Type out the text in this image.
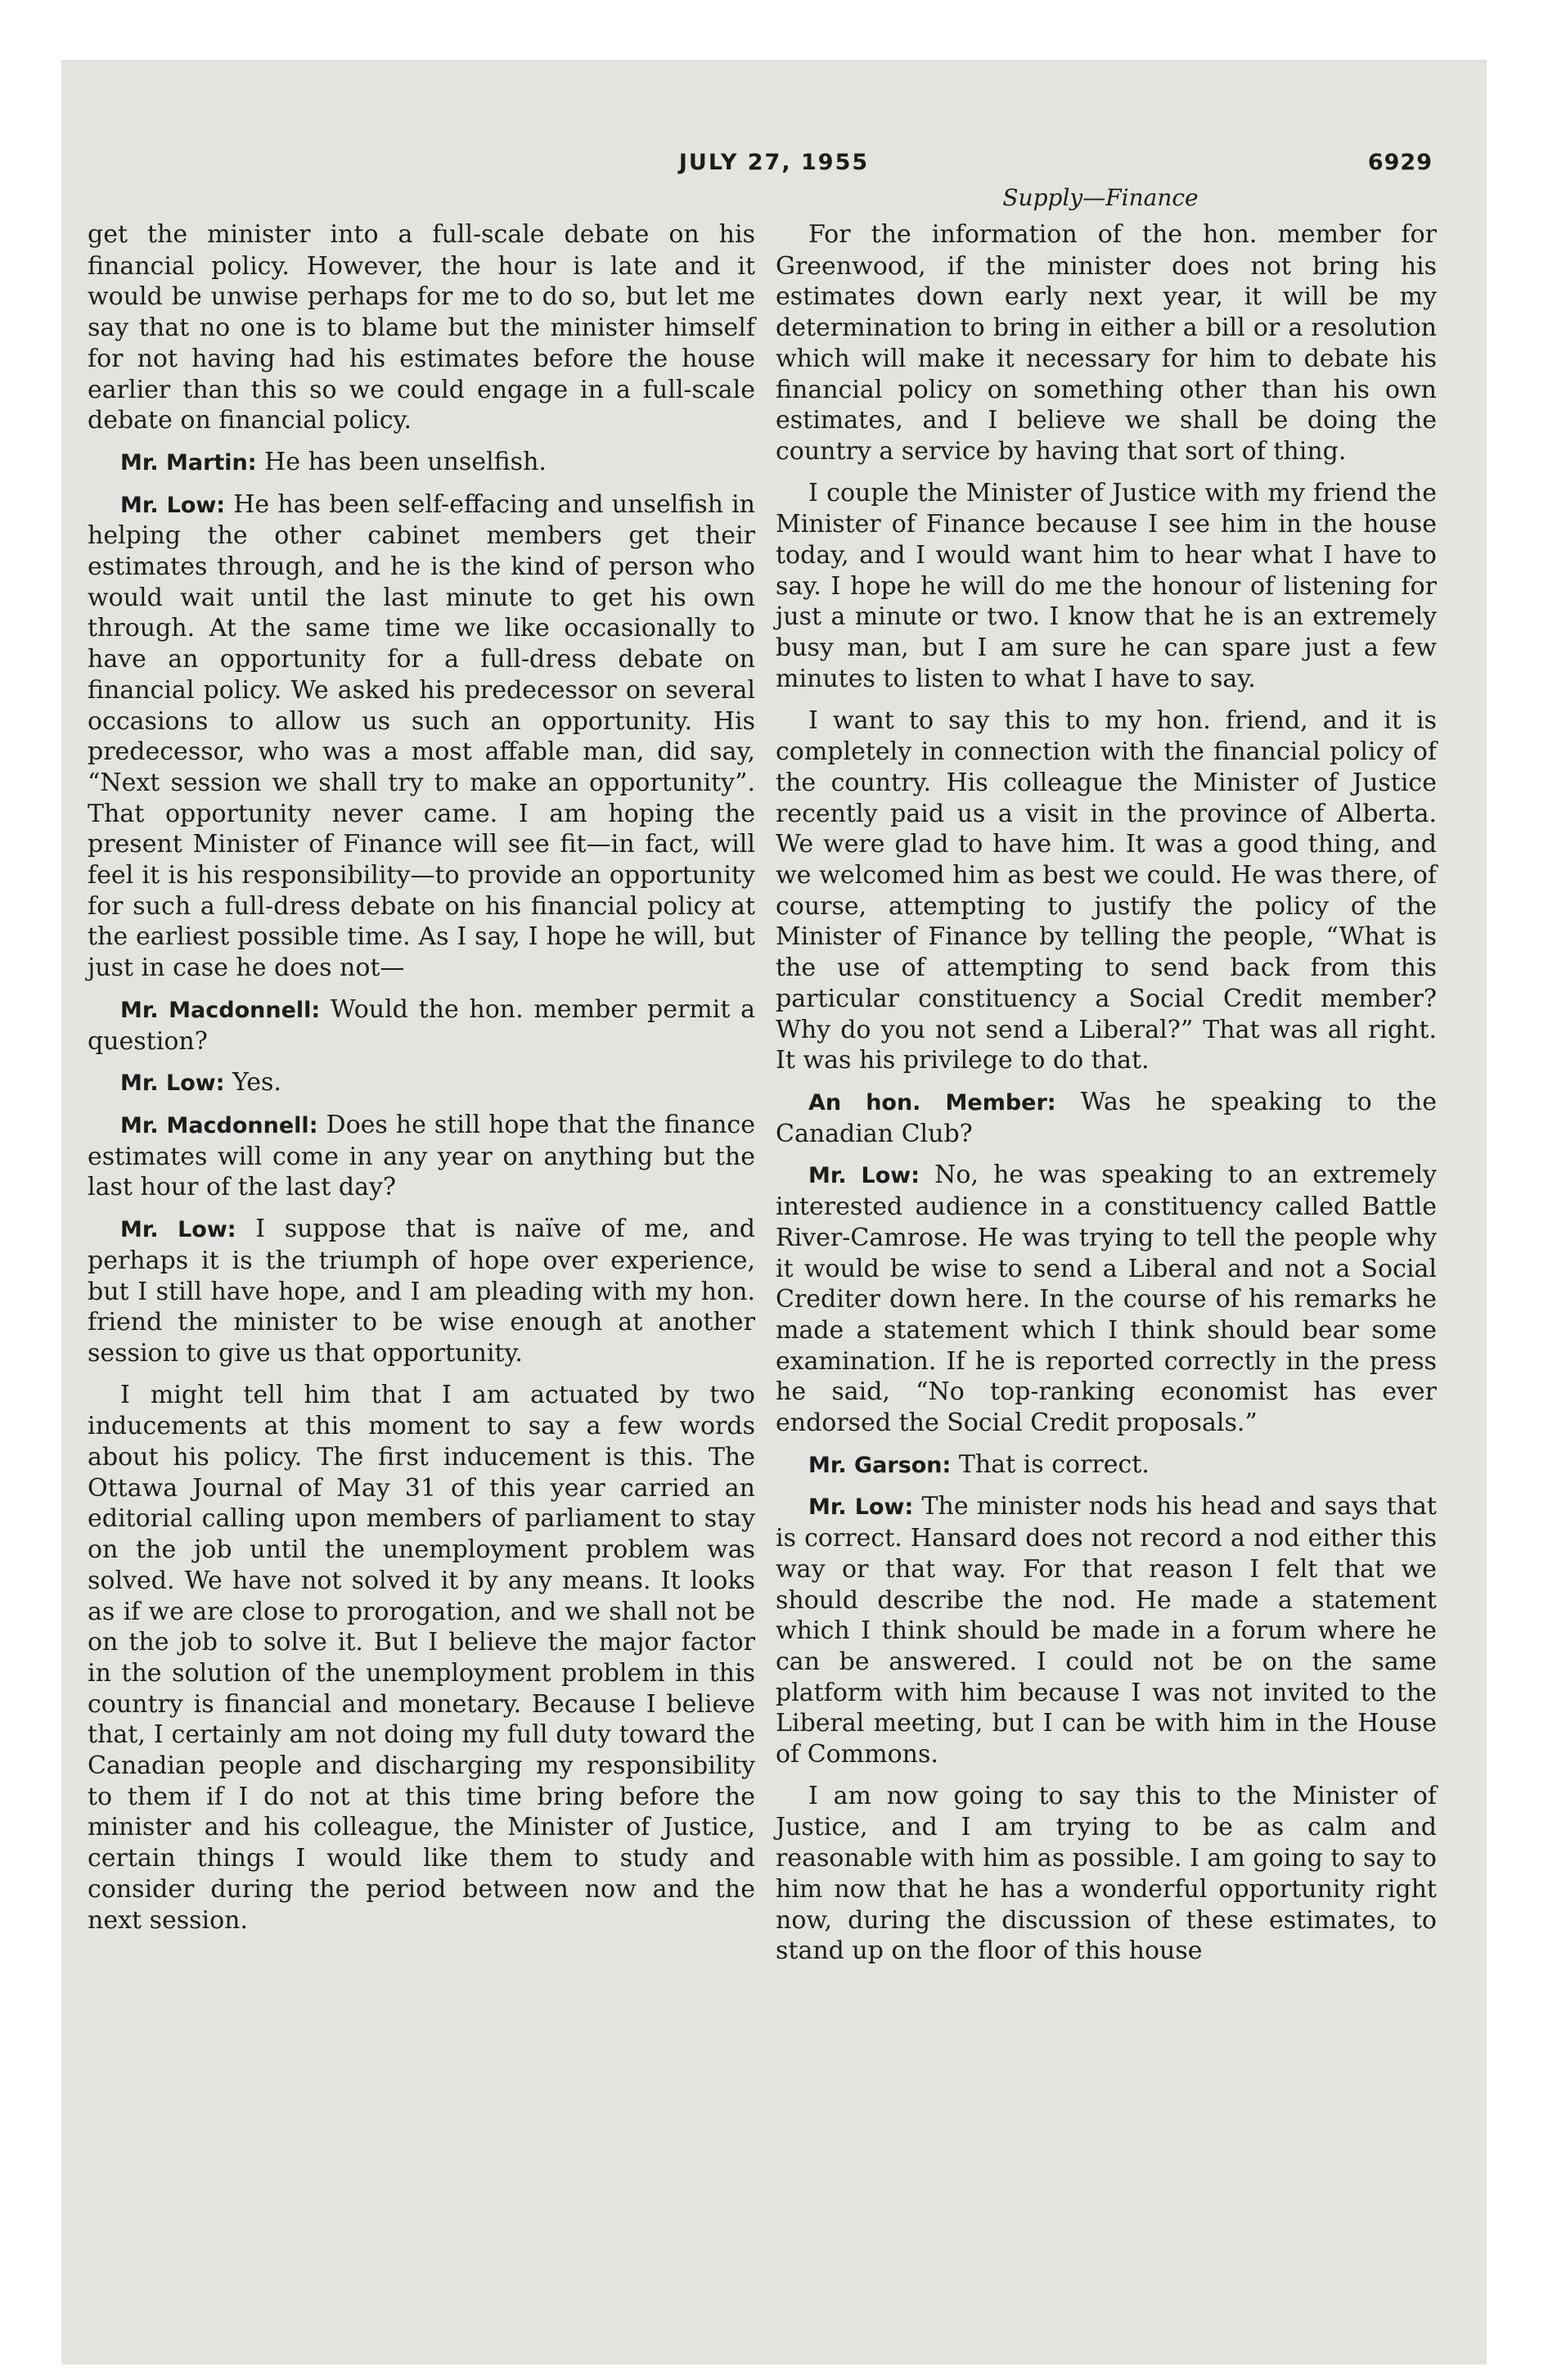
JULY 27, 1955	6929
Supply—Finance

get the minister into a full-scale debate on his financial policy. However, the hour is late and it would be unwise perhaps for me to do so, but let me say that no one is to blame but the minister himself for not having had his estimates before the house earlier than this so we could engage in a full-scale debate on financial policy.

Mr. Martin: He has been unselfish.

Mr. Low: He has been self-effacing and unselfish in helping the other cabinet members get their estimates through, and he is the kind of person who would wait until the last minute to get his own through. At the same time we like occasionally to have an opportunity for a full-dress debate on financial policy. We asked his predecessor on several occasions to allow us such an opportunity. His predecessor, who was a most affable man, did say, “Next session we shall try to make an opportunity”. That opportunity never came. I am hoping the present Minister of Finance will see fit—in fact, will feel it is his responsibility—to provide an opportunity for such a full-dress debate on his financial policy at the earliest possible time. As I say, I hope he will, but just in case he does not—

Mr. Macdonnell: Would the hon. member permit a question?

Mr. Low: Yes.

Mr. Macdonnell: Does he still hope that the finance estimates will come in any year on anything but the last hour of the last day?

Mr. Low: I suppose that is naïve of me, and perhaps it is the triumph of hope over experience, but I still have hope, and I am pleading with my hon. friend the minister to be wise enough at another session to give us that opportunity.

I might tell him that I am actuated by two inducements at this moment to say a few words about his policy. The first inducement is this. The Ottawa Journal of May 31 of this year carried an editorial calling upon members of parliament to stay on the job until the unemployment problem was solved. We have not solved it by any means. It looks as if we are close to prorogation, and we shall not be on the job to solve it. But I believe the major factor in the solution of the unemployment problem in this country is financial and monetary. Because I believe that, I certainly am not doing my full duty toward the Canadian people and discharging my responsibility to them if I do not at this time bring before the minister and his colleague, the Minister of Justice, certain things I would like them to study and consider during the period between now and the next session.

For the information of the hon. member for Greenwood, if the minister does not bring his estimates down early next year, it will be my determination to bring in either a bill or a resolution which will make it necessary for him to debate his financial policy on something other than his own estimates, and I believe we shall be doing the country a service by having that sort of thing.

I couple the Minister of Justice with my friend the Minister of Finance because I see him in the house today, and I would want him to hear what I have to say. I hope he will do me the honour of listening for just a minute or two. I know that he is an extremely busy man, but I am sure he can spare just a few minutes to listen to what I have to say.

I want to say this to my hon. friend, and it is completely in connection with the financial policy of the country. His colleague the Minister of Justice recently paid us a visit in the province of Alberta. We were glad to have him. It was a good thing, and we welcomed him as best we could. He was there, of course, attempting to justify the policy of the Minister of Finance by telling the people, “What is the use of attempting to send back from this particular constituency a Social Credit member? Why do you not send a Liberal?” That was all right. It was his privilege to do that.

An hon. Member: Was he speaking to the Canadian Club?

Mr. Low: No, he was speaking to an extremely interested audience in a constituency called Battle River-Camrose. He was trying to tell the people why it would be wise to send a Liberal and not a Social Crediter down here. In the course of his remarks he made a statement which I think should bear some examination. If he is reported correctly in the press he said, “No top-ranking economist has ever endorsed the Social Credit proposals.”

Mr. Garson: That is correct.

Mr. Low: The minister nods his head and says that is correct. Hansard does not record a nod either this way or that way. For that reason I felt that we should describe the nod. He made a statement which I think should be made in a forum where he can be answered. I could not be on the same platform with him because I was not invited to the Liberal meeting, but I can be with him in the House of Commons.

I am now going to say this to the Minister of Justice, and I am trying to be as calm and reasonable with him as possible. I am going to say to him now that he has a wonderful opportunity right now, during the discussion of these estimates, to stand up on the floor of this house
